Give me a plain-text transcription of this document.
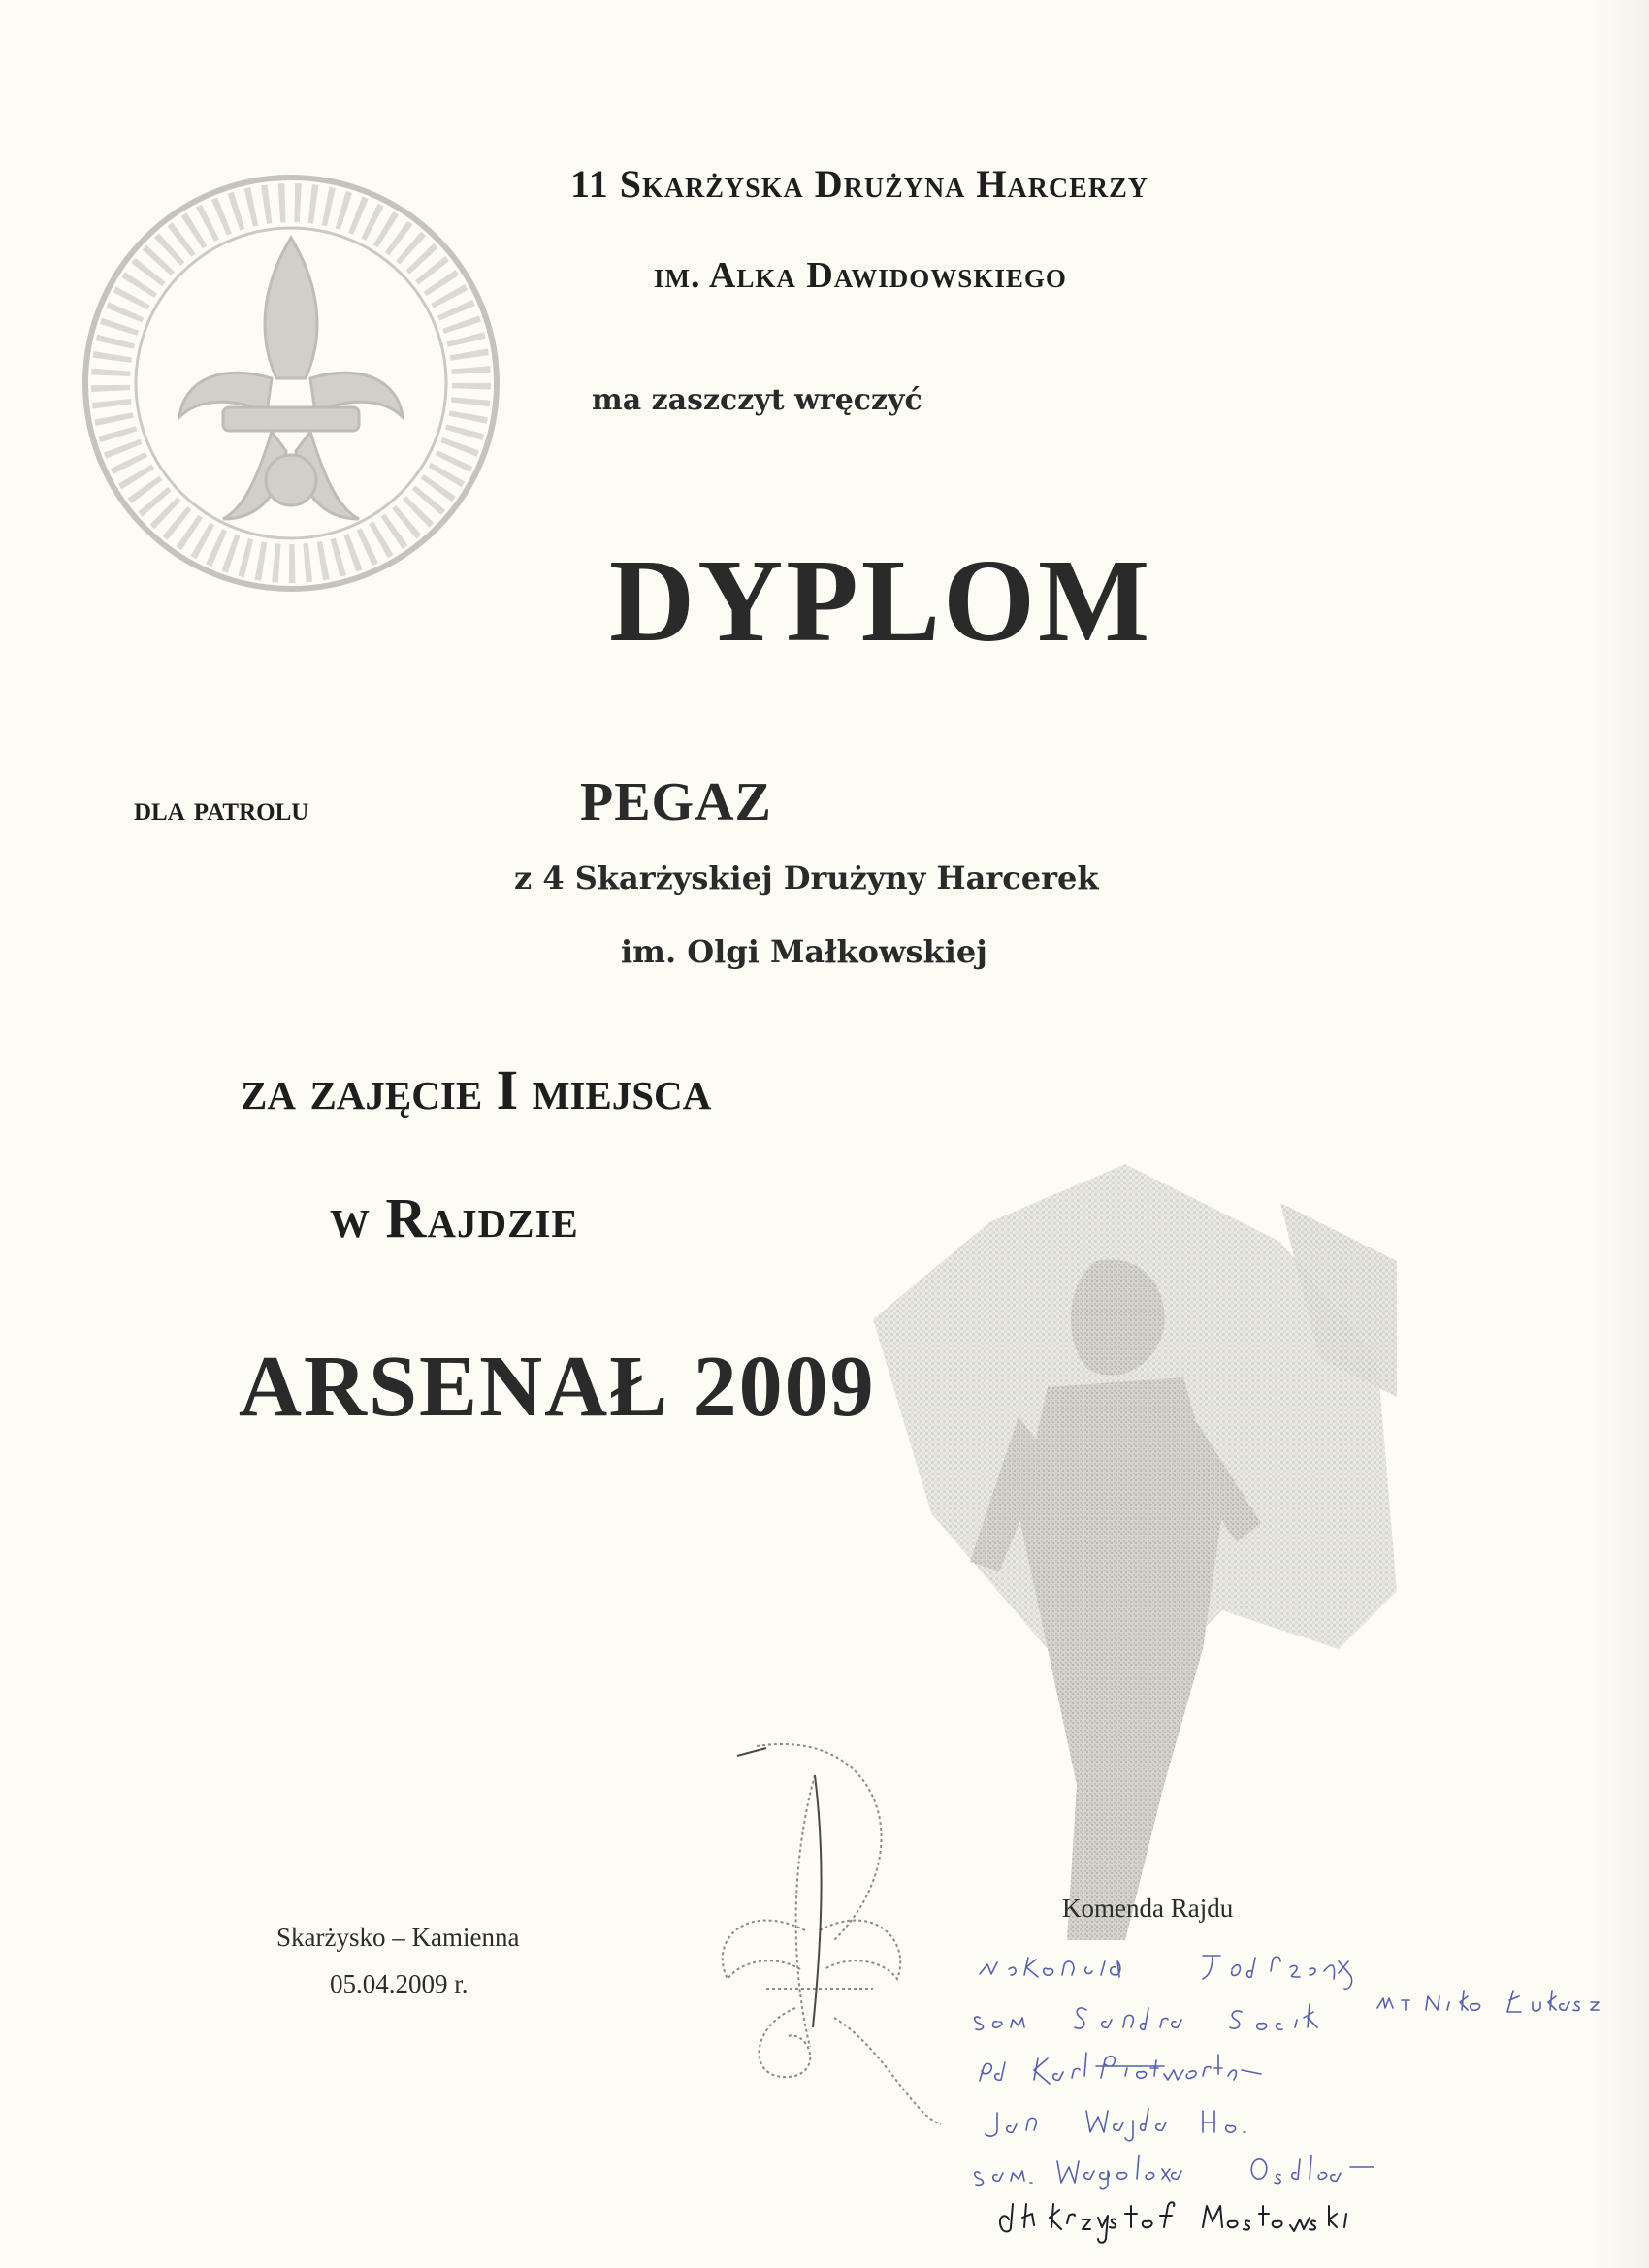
11 Skarżyska Drużyna Harcerzy
im. Alka Dawidowskiego
ma zaszczyt wręczyć
DYPLOM
dla patrolu	PEGAZ
z 4 Skarżyskiej Drużyny Harcerek
im. Olgi Małkowskiej
za zajęcie I miejsca
w Rajdzie
ARSENAŁ 2009
Skarżysko – Kamienna
05.04.2009 r.
Komenda Rajdu
